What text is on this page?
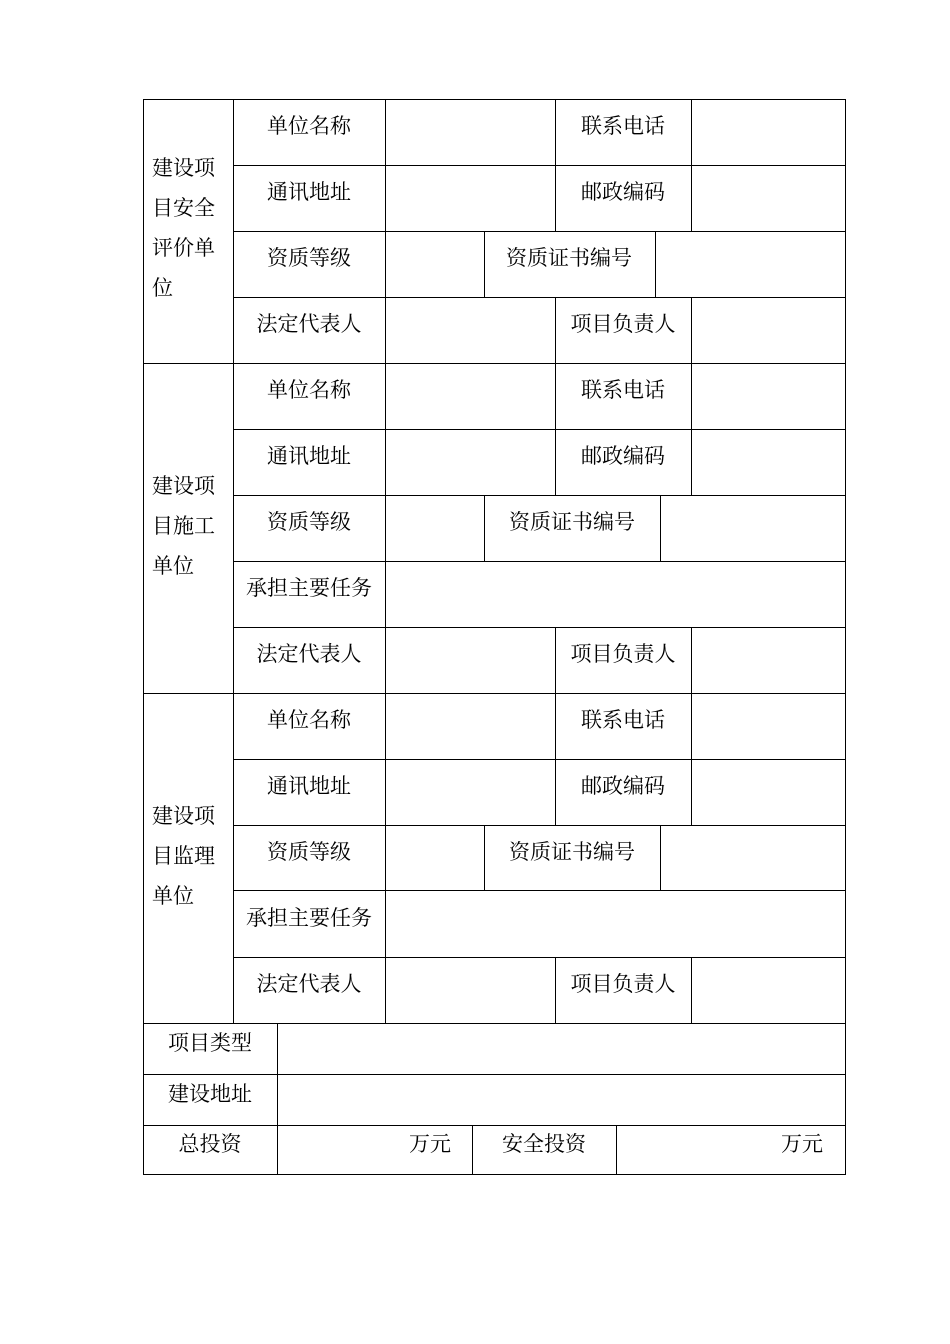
建设项目安全评价单位
单位名称	联系电话
通讯地址	邮政编码
资质等级	资质证书编号
法定代表人	项目负责人
建设项目施工单位
单位名称	联系电话
通讯地址	邮政编码
资质等级	资质证书编号
承担主要任务
法定代表人	项目负责人
建设项目监理单位
单位名称	联系电话
通讯地址	邮政编码
资质等级	资质证书编号
承担主要任务
法定代表人	项目负责人
项目类型
建设地址
总投资	万元 安全投资	万元
